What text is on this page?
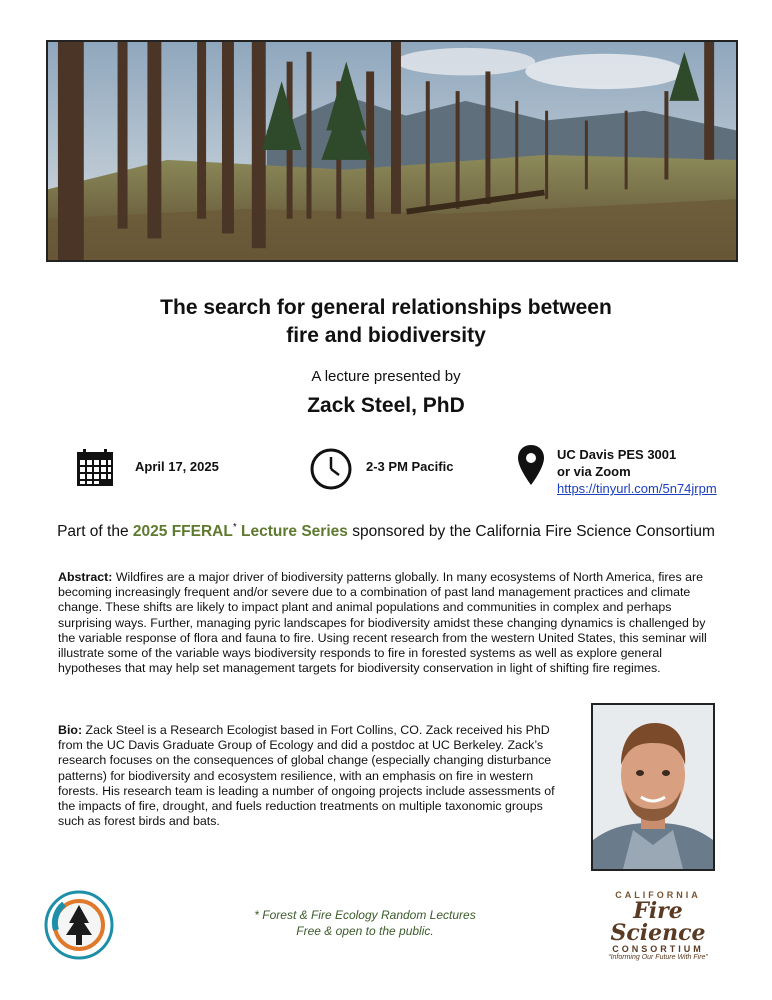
The search for general relationships between
fire and biodiversity
A lecture presented by
Zack Steel, PhD
April 17, 2025	2-3 PM Pacific
UC Davis PES 3001
or via Zoom
https://tinyurl.com/5n74jrpm
Part of the 2025 FFERAL* Lecture Series sponsored by the California Fire Science Consortium
Abstract: Wildfires are a major driver of biodiversity patterns globally. In many ecosystems of North America, fires are becoming increasingly frequent and/or severe due to a combination of past land management practices and climate change. These shifts are likely to impact plant and animal populations and communities in complex and perhaps surprising ways. Further, managing pyric landscapes for biodiversity amidst these changing dynamics is challenged by the variable response of flora and fauna to fire. Using recent research from the western United States, this seminar will illustrate some of the variable ways biodiversity responds to fire in forested systems as well as explore general hypotheses that may help set management targets for biodiversity conservation in light of shifting fire regimes.
Bio: Zack Steel is a Research Ecologist based in Fort Collins, CO. Zack received his PhD from the UC Davis Graduate Group of Ecology and did a postdoc at UC Berkeley. Zack’s research focuses on the consequences of global change (especially changing disturbance patterns) for biodiversity and ecosystem resilience, with an emphasis on fire in western forests. His research team is leading a number of ongoing projects include assessments of the impacts of fire, drought, and fuels reduction treatments on multiple taxonomic groups such as forest birds and bats.
* Forest & Fire Ecology Random Lectures
Free & open to the public.
CALIFORNIA
Fire Science
CONSORTIUM
“Informing Our Future With Fire”
